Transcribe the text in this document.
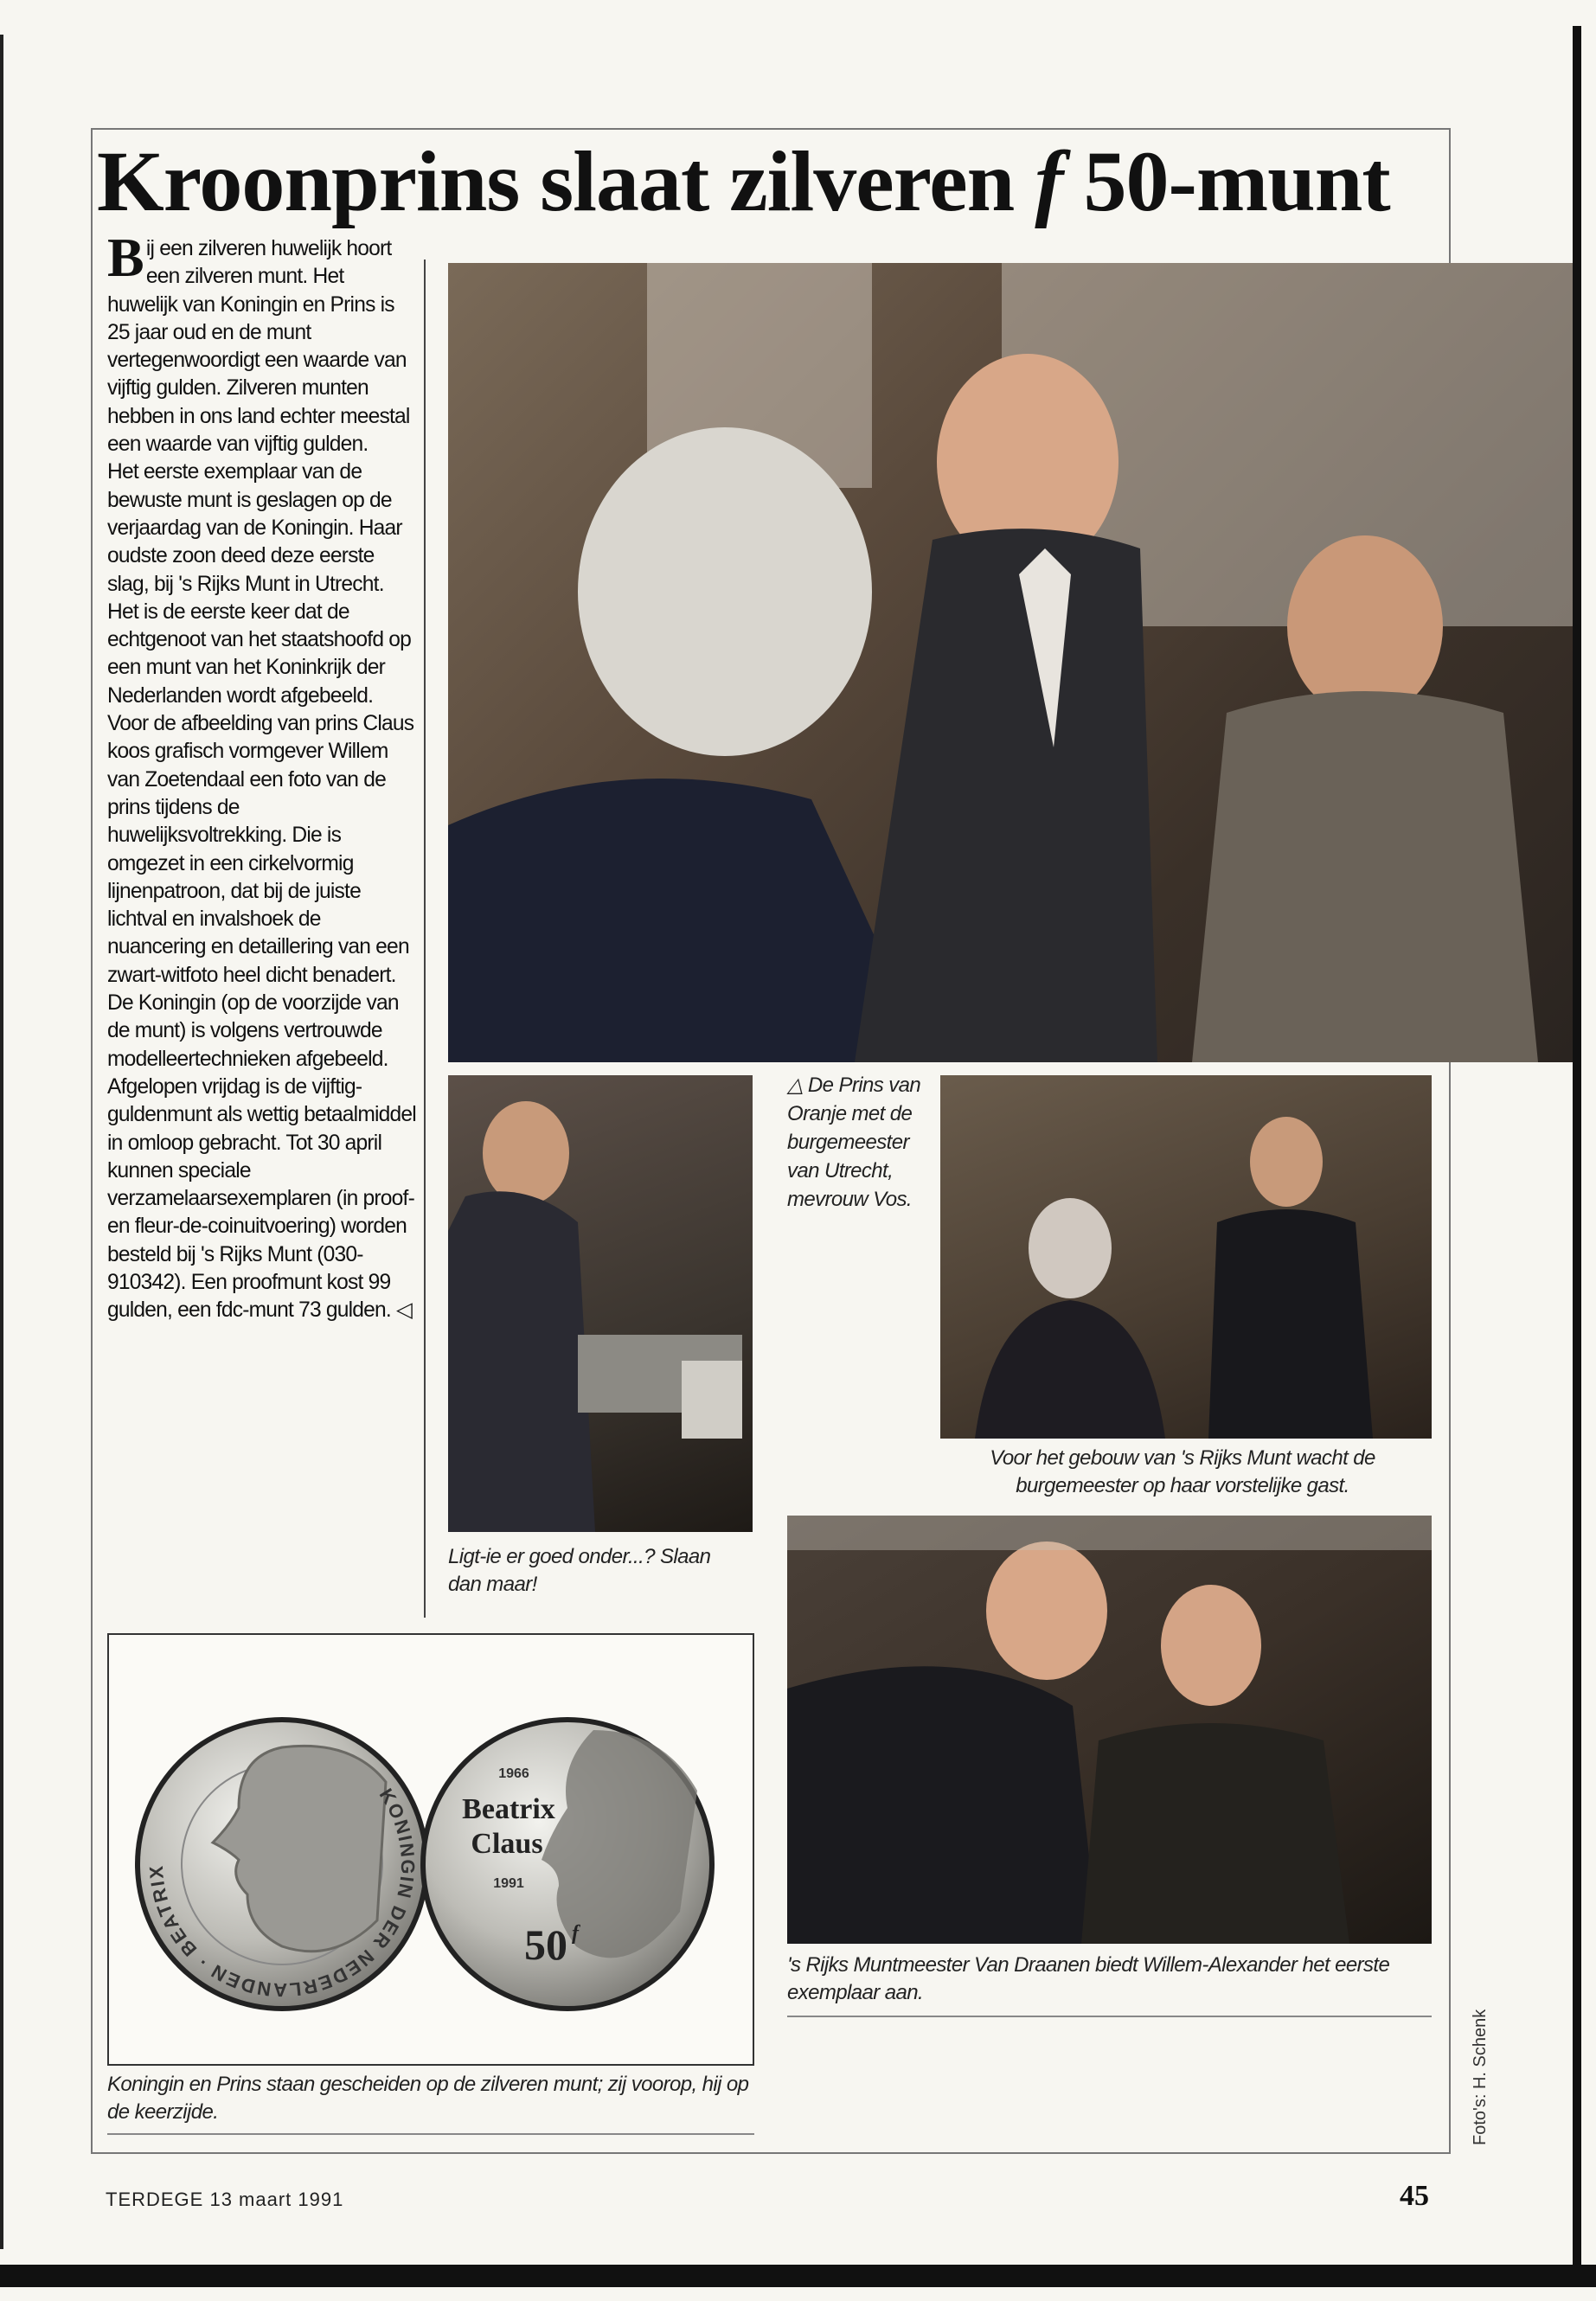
Kroonprins slaat zilveren f 50-munt

Bij een zilveren huwelijk hoort een zilveren munt. Het huwelijk van Koningin en Prins is 25 jaar oud en de munt vertegenwoordigt een waarde van vijftig gulden. Zilveren munten hebben in ons land echter meestal een waarde van vijftig gulden.

Het eerste exemplaar van de bewuste munt is geslagen op de verjaardag van de Koningin. Haar oudste zoon deed deze eerste slag, bij 's Rijks Munt in Utrecht.

Het is de eerste keer dat de echtgenoot van het staatshoofd op een munt van het Koninkrijk der Nederlanden wordt afgebeeld.

Voor de afbeelding van prins Claus koos grafisch vormgever Willem van Zoetendaal een foto van de prins tijdens de huwelijksvoltrekking. Die is omgezet in een cirkelvormig lijnenpatroon, dat bij de juiste lichtval en invalshoek de nuancering en detaillering van een zwart-witfoto heel dicht benadert. De Koningin (op de voorzijde van de munt) is volgens vertrouwde modelleertechnieken afgebeeld.

Afgelopen vrijdag is de vijftig-guldenmunt als wettig betaalmiddel in omloop gebracht. Tot 30 april kunnen speciale verzamelaarsexemplaren (in proof- en fleur-de-coinuitvoering) worden besteld bij 's Rijks Munt (030-910342). Een proofmunt kost 99 gulden, een fdc-munt 73 gulden. ◁

Ligt-ie er goed onder...? Slaan dan maar!
△ De Prins van Oranje met de burgemeester van Utrecht, mevrouw Vos.
Voor het gebouw van 's Rijks Munt wacht de burgemeester op haar vorstelijke gast.
's Rijks Muntmeester Van Draanen biedt Willem-Alexander het eerste exemplaar aan.
1966
Beatrix
Claus
1991
50 f
KONINGIN DER NEDERLANDEN · BEATRIX
Koningin en Prins staan gescheiden op de zilveren munt; zij voorop, hij op de keerzijde.	Foto's: H. Schenk
TERDEGE 13 maart 1991	45
